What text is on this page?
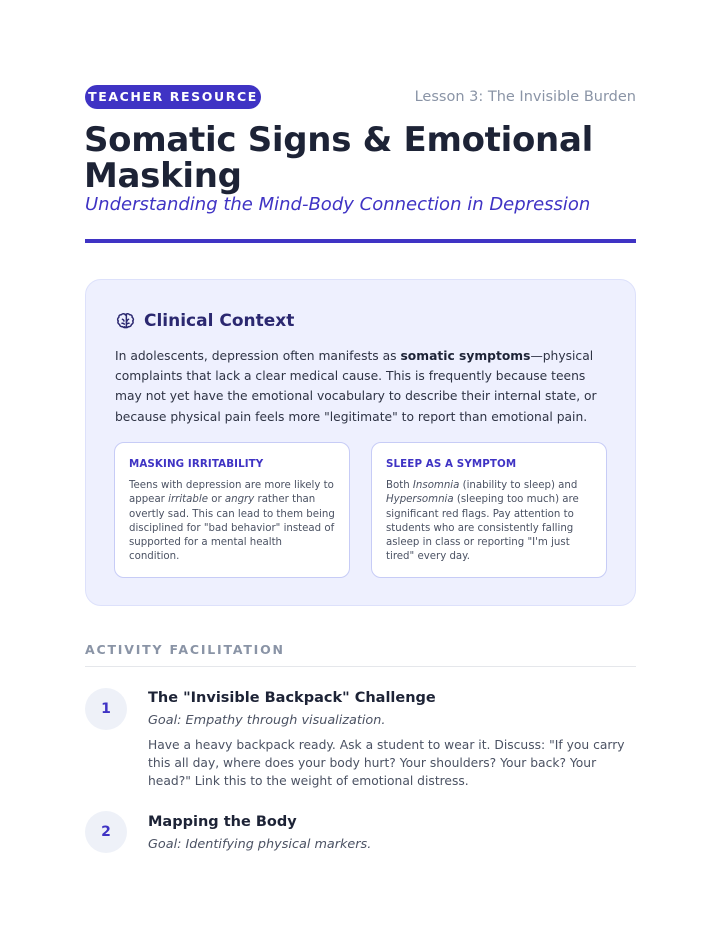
TEACHER RESOURCE	Lesson 3: The Invisible Burden
Somatic Signs & Emotional Masking
Understanding the Mind-Body Connection in Depression
Clinical Context

In adolescents, depression often manifests as somatic symptoms—physical complaints that lack a clear medical cause. This is frequently because teens may not yet have the emotional vocabulary to describe their internal state, or because physical pain feels more "legitimate" to report than emotional pain.

MASKING IRRITABILITY

Teens with depression are more likely to appear irritable or angry rather than overtly sad. This can lead to them being disciplined for "bad behavior" instead of supported for a mental health condition.

SLEEP AS A SYMPTOM

Both Insomnia (inability to sleep) and Hypersomnia (sleeping too much) are significant red flags. Pay attention to students who are consistently falling asleep in class or reporting "I'm just tired" every day.

ACTIVITY FACILITATION
1
The "Invisible Backpack" Challenge
Goal: Empathy through visualization.
Have a heavy backpack ready. Ask a student to wear it. Discuss: "If you carry this all day, where does your body hurt? Your shoulders? Your back? Your head?" Link this to the weight of emotional distress.
2
Mapping the Body
Goal: Identifying physical markers.
